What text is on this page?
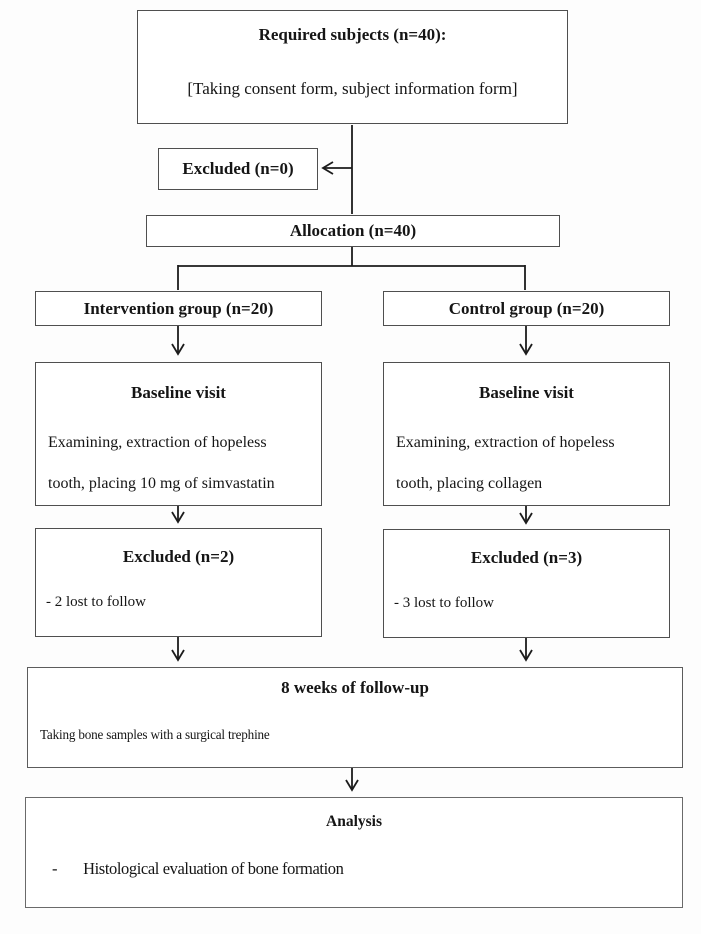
Required subjects (n=40):
[Taking consent form, subject information form]
Excluded (n=0)
Allocation (n=40)
Intervention group (n=20)	Control group (n=20)
Baseline visit
Examining, extraction of hopeless
tooth, placing 10 mg of simvastatin
Baseline visit
Examining, extraction of hopeless
tooth, placing collagen
Excluded (n=2)
- 2 lost to follow
Excluded (n=3)
- 3 lost to follow
8 weeks of follow-up
Taking bone samples with a surgical trephine
Analysis
- Histological evaluation of bone formation
